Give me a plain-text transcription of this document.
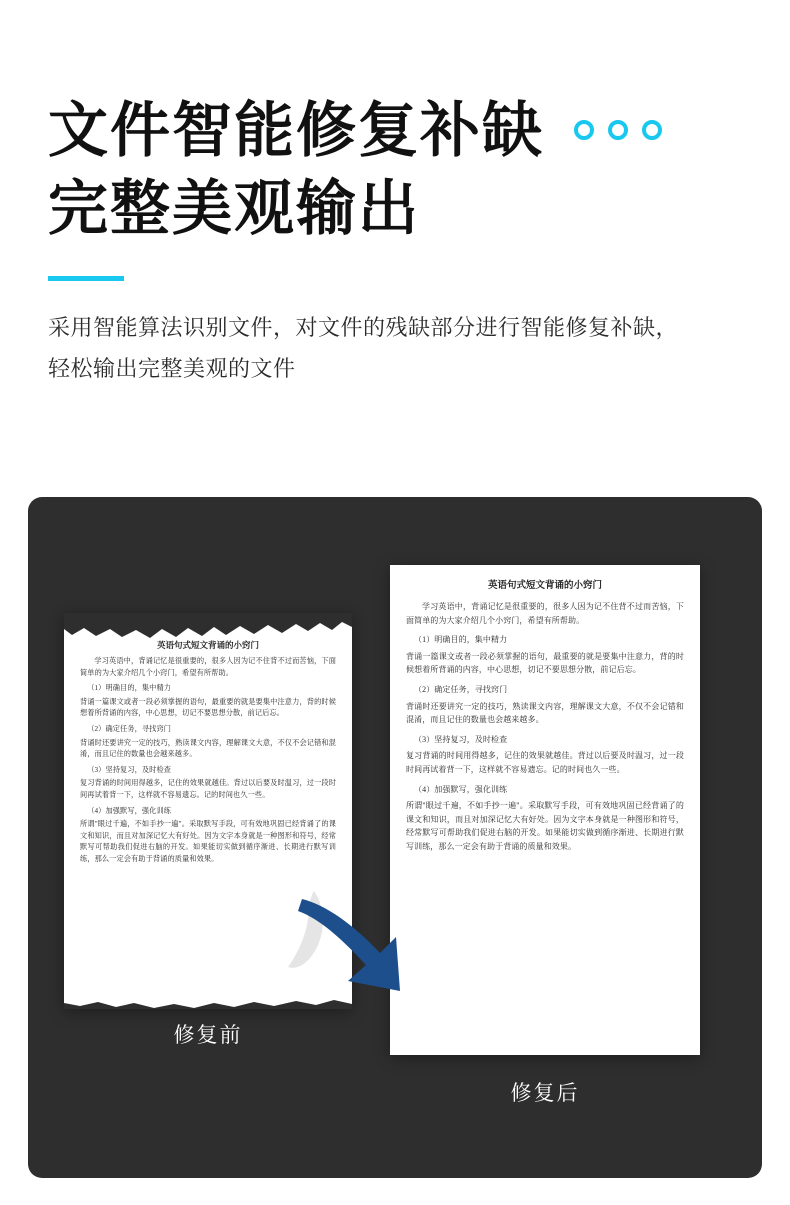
文件智能修复补缺
完整美观输出
采用智能算法识别文件，对文件的残缺部分进行智能修复补缺，
轻松输出完整美观的文件
英语句式短文背诵的小窍门

学习英语中，背诵记忆是很重要的，很多人因为记不住背不过而苦恼，下面简单的为大家介绍几个小窍门，希望有所帮助。

（1）明确目的，集中精力

背诵一篇课文或者一段必须掌握的语句，最重要的就是要集中注意力，背的时候想着所背诵的内容，中心思想，切记不要思想分散，前记后忘。

（2）确定任务，寻找窍门

背诵时还要讲究一定的技巧，熟读课文内容，理解课文大意，不仅不会记错和混淆，而且记住的数量也会越来越多。

（3）坚持复习，及时检查

复习背诵的时间用得越多，记住的效果就越佳。背过以后要及时温习，过一段时间再试着背一下，这样就不容易遗忘。记的时间也久一些。

（4）加强默写，强化训练

所谓"眼过千遍，不如手抄一遍"。采取默写手段，可有效地巩固已经背诵了的课文和知识，而且对加深记忆大有好处。因为文字本身就是一种图形和符号，经常默写可帮助我们促进右脑的开发。如果能切实做到循序渐进、长期进行默写训练，那么一定会有助于背诵的质量和效果。

英语句式短文背诵的小窍门

学习英语中，背诵记忆是很重要的，很多人因为记不住背不过而苦恼，下面简单的为大家介绍几个小窍门，希望有所帮助。

（1）明确目的，集中精力

背诵一篇课文或者一段必须掌握的语句，最重要的就是要集中注意力，背的时候想着所背诵的内容，中心思想，切记不要思想分散，前记后忘。

（2）确定任务，寻找窍门

背诵时还要讲究一定的技巧，熟读课文内容，理解课文大意，不仅不会记错和混淆，而且记住的数量也会越来越多。

（3）坚持复习，及时检查

复习背诵的时间用得越多，记住的效果就越佳。背过以后要及时温习，过一段时间再试着背一下，这样就不容易遗忘。记的时间也久一些。

（4）加强默写，强化训练

所谓"眼过千遍，不如手抄一遍"。采取默写手段，可有效地巩固已经背诵了的课文和知识，而且对加深记忆大有好处。因为文字本身就是一种图形和符号，经常默写可帮助我们促进右脑的开发。如果能切实做到循序渐进、长期进行默写训练，那么一定会有助于背诵的质量和效果。

修复前
修复后
